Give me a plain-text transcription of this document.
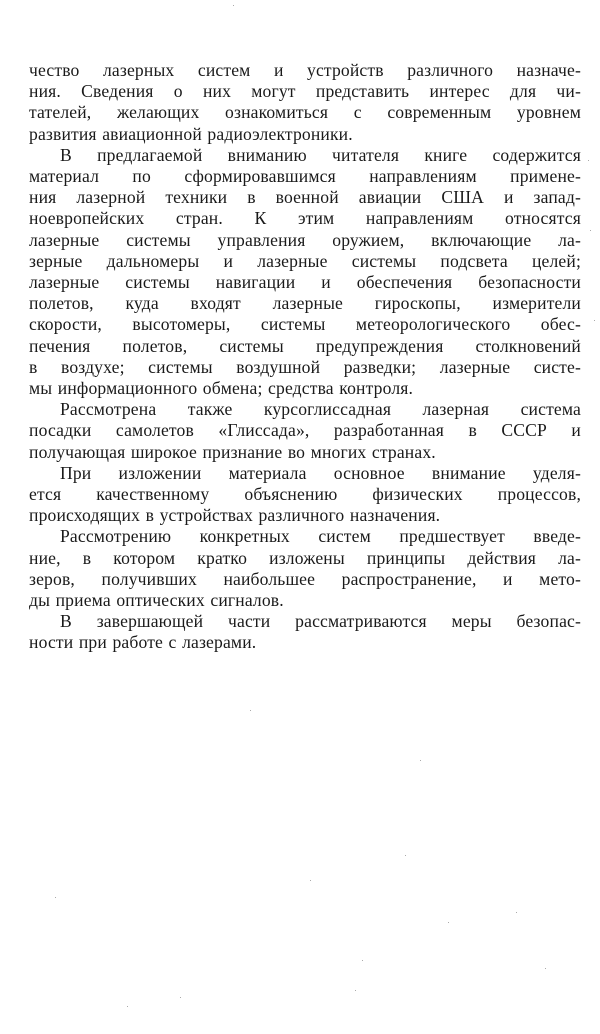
чество лазерных систем и устройств различного назначе-
ния. Сведения о них могут представить интерес для чи-
тателей, желающих ознакомиться с современным уровнем
развития авиационной радиоэлектроники.

В предлагаемой вниманию читателя книге содержится
материал по сформировавшимся направлениям примене-
ния лазерной техники в военной авиации США и запад-
ноевропейских стран. К этим направлениям относятся
лазерные системы управления оружием, включающие ла-
зерные дальномеры и лазерные системы подсвета целей;
лазерные системы навигации и обеспечения безопасности
полетов, куда входят лазерные гироскопы, измерители
скорости, высотомеры, системы метеорологического обес-
печения полетов, системы предупреждения столкновений
в воздухе; системы воздушной разведки; лазерные систе-
мы информационного обмена; средства контроля.

Рассмотрена также курсоглиссадная лазерная система
посадки самолетов «Глиссада», разработанная в СССР и
получающая широкое признание во многих странах.

При изложении материала основное внимание уделя-
ется качественному объяснению физических процессов,
происходящих в устройствах различного назначения.

Рассмотрению конкретных систем предшествует введе-
ние, в котором кратко изложены принципы действия ла-
зеров, получивших наибольшее распространение, и мето-
ды приема оптических сигналов.

В завершающей части рассматриваются меры безопас-
ности при работе с лазерами.
